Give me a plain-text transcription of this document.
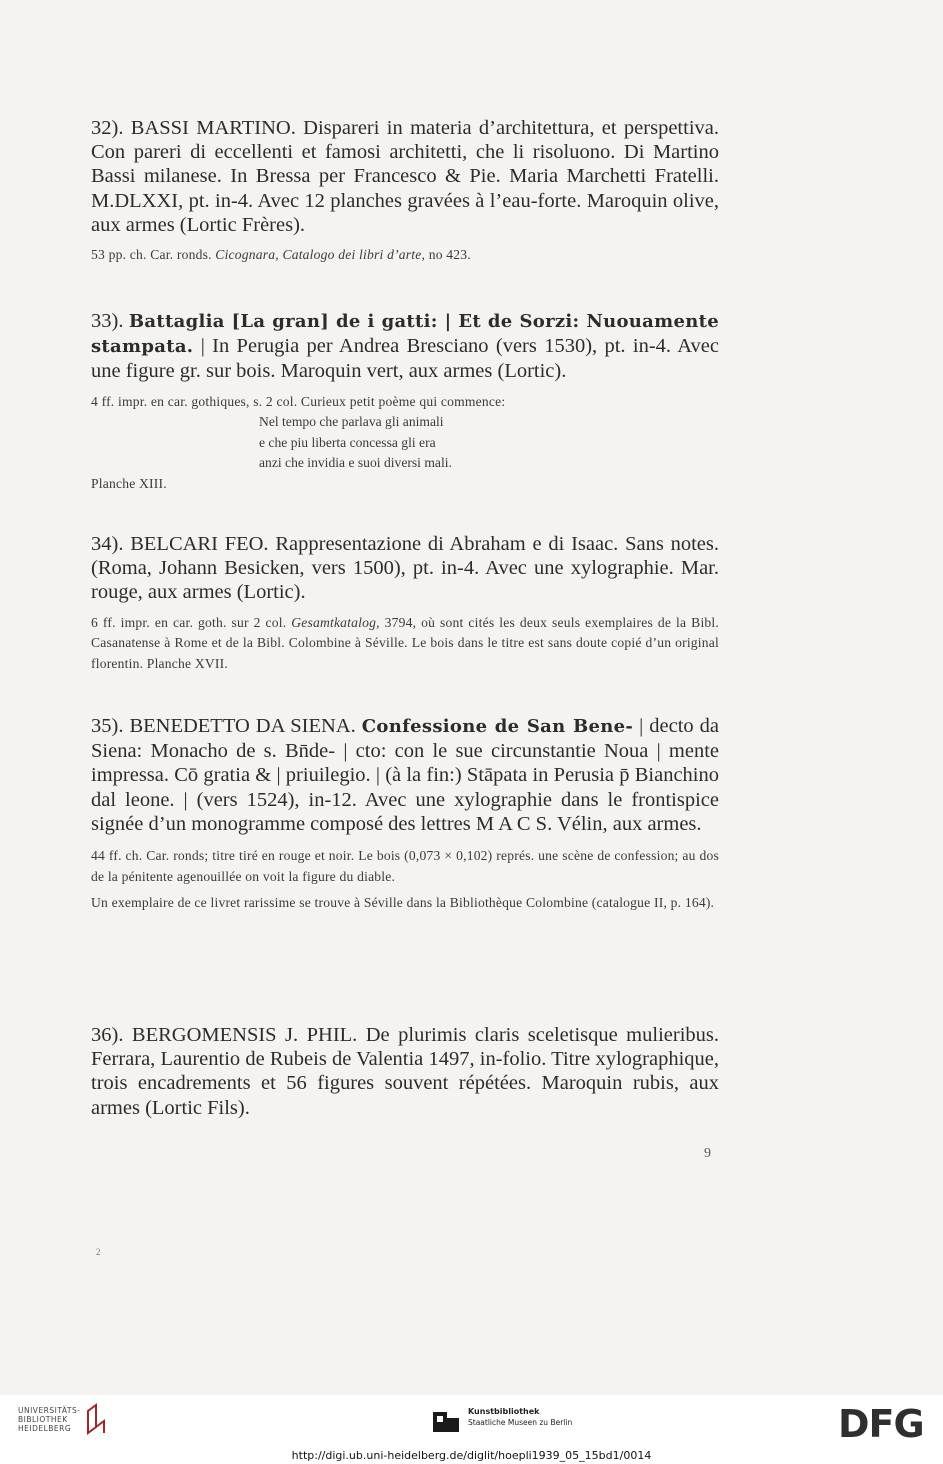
32). BASSI MARTINO. Dispareri in materia d’architettura, et perspettiva. Con pareri di eccellenti et famosi architetti, che li risoluono. Di Martino Bassi milanese. In Bressa per Francesco & Pie. Maria Marchetti Fratelli. M.DLXXI, pt. in-4. Avec 12 planches gravées à l’eau-forte. Maroquin olive, aux armes (Lortic Frères).

53 pp. ch. Car. ronds. Cicognara, Catalogo dei libri d’arte, no 423.

33). Battaglia [La gran] de i gatti: | Et de Sorzi: Nuouamente stampata. | In Perugia per Andrea Bresciano (vers 1530), pt. in-4. Avec une figure gr. sur bois. Maroquin vert, aux armes (Lortic).

4 ff. impr. en car. gothiques, s. 2 col. Curieux petit poème qui commence:

Nel tempo che parlava gli animali
e che piu liberta concessa gli era
anzi che invidia e suoi diversi mali.

Planche XIII.

34). BELCARI FEO. Rappresentazione di Abraham e di Isaac. Sans notes. (Roma, Johann Besicken, vers 1500), pt. in-4. Avec une xylographie. Mar. rouge, aux armes (Lortic).

6 ff. impr. en car. goth. sur 2 col. Gesamtkatalog, 3794, où sont cités les deux seuls exemplaires de la Bibl. Casanatense à Rome et de la Bibl. Colombine à Séville. Le bois dans le titre est sans doute copié d’un original florentin. Planche XVII.

35). BENEDETTO DA SIENA. Confessione de San Bene- | decto da Siena: Monacho de s. Bn̄de- | cto: con le sue circunstantie Noua | mente impressa. Cō gratia & | priuilegio. | (à la fin:) Stāpata in Perusia p̄ Bianchino dal leone. | (vers 1524), in-12. Avec une xylographie dans le frontispice signée d’un monogramme composé des lettres M A C S. Vélin, aux armes.

44 ff. ch. Car. ronds; titre tiré en rouge et noir. Le bois (0,073 × 0,102) représ. une scène de confession; au dos de la pénitente agenouillée on voit la figure du diable.

Un exemplaire de ce livret rarissime se trouve à Séville dans la Bibliothèque Colombine (catalogue II, p. 164).

36). BERGOMENSIS J. PHIL. De plurimis claris sceletisque mulieribus. Ferrara, Laurentio de Rubeis de Valentia 1497, in-folio. Titre xylographique, trois encadrements et 56 figures souvent répétées. Maroquin rubis, aux armes (Lortic Fils).

9
2
UNIVERSITÄTS-
BIBLIOTHEK
HEIDELBERG
Kunstbibliothek
Staatliche Museen zu Berlin	DFG
http://digi.ub.uni-heidelberg.de/diglit/hoepli1939_05_15bd1/0014
